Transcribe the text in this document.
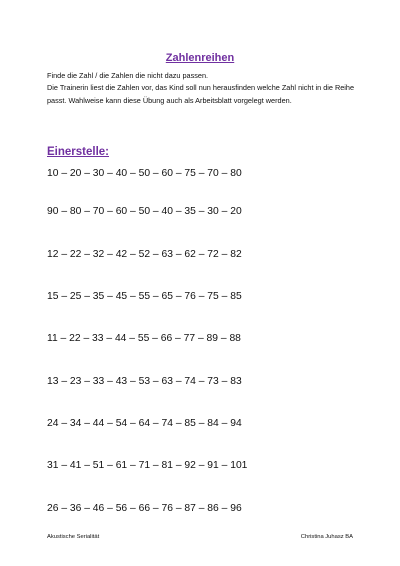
Zahlenreihen

Finde die Zahl / die Zahlen die nicht dazu passen.

Die Trainerin liest die Zahlen vor, das Kind soll nun herausfinden welche Zahl nicht in die Reihe passt. Wahlweise kann diese Übung auch als Arbeitsblatt vorgelegt werden.

Einerstelle:
10 – 20 – 30 – 40 – 50 – 60 – 75 – 70 – 80
90 – 80 – 70 – 60 – 50 – 40 – 35 – 30 – 20
12 – 22 – 32 – 42 – 52 – 63 – 62 – 72 – 82
15 – 25 – 35 – 45 – 55 – 65 – 76 – 75 – 85
11 – 22 – 33 – 44 – 55 – 66 – 77 – 89 – 88
13 – 23 – 33 – 43 – 53 – 63 – 74 – 73 – 83
24 – 34 – 44 – 54 – 64 – 74 – 85 – 84 – 94
31 – 41 – 51 – 61 – 71 – 81 – 92 – 91 – 101
26 – 36 – 46 – 56 – 66 – 76 – 87 – 86 – 96
Akustische Serialität	Christina Juhasz BA
